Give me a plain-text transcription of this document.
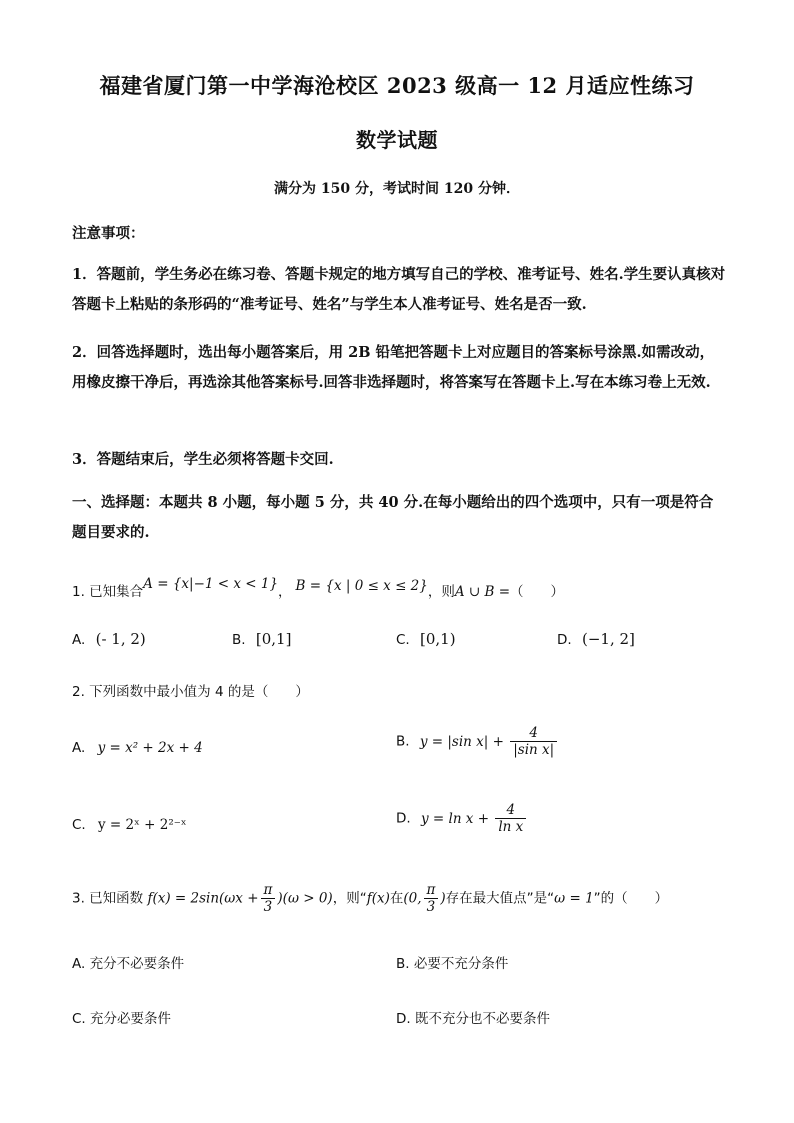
福建省厦门第一中学海沧校区 2023 级高一 12 月适应性练习
数学试题
满分为 150 分，考试时间 120 分钟．
注意事项：
1．答题前，学生务必在练习卷、答题卡规定的地方填写自己的学校、准考证号、姓名.学生要认真核对答题卡上粘贴的条形码的“准考证号、姓名”与学生本人准考证号、姓名是否一致.
2．回答选择题时，选出每小题答案后，用 2B 铅笔把答题卡上对应题目的答案标号涂黑.如需改动，用橡皮擦干净后，再选涂其他答案标号.回答非选择题时，将答案写在答题卡上.写在本练习卷上无效.
3．答题结束后，学生必须将答题卡交回.
一、选择题：本题共 8 小题，每小题 5 分，共 40 分.在每小题给出的四个选项中，只有一项是符合题目要求的.
1. 已知集合A = {x|−1 < x < 1}， B = {x | 0 ≤ x ≤ 2}，则A ∪ B =（　　）
A. (- 1, 2)	B. [0,1]	C. [0,1)	D. (−1, 2]
2. 下列函数中最小值为 4 的是（　　）
A. y = x² + 2x + 4	B. y = |sin $x| + \frac{4}{\text{|sin x|}}$
C. y = 2ˣ + 2²⁻ˣ	D. $y = \ln x + \frac{4}{\text{ln x}}$
3. 已知函数 $f(x) = 2\sin(\omega x + \frac{\pi}{3} )(\omega > 0)$，则“f(x)在(0, $\frac{\pi}{3}$ )存在最大值点”是“ω = 1”的（　　）
A. 充分不必要条件	B. 必要不充分条件
C. 充分必要条件	D. 既不充分也不必要条件
